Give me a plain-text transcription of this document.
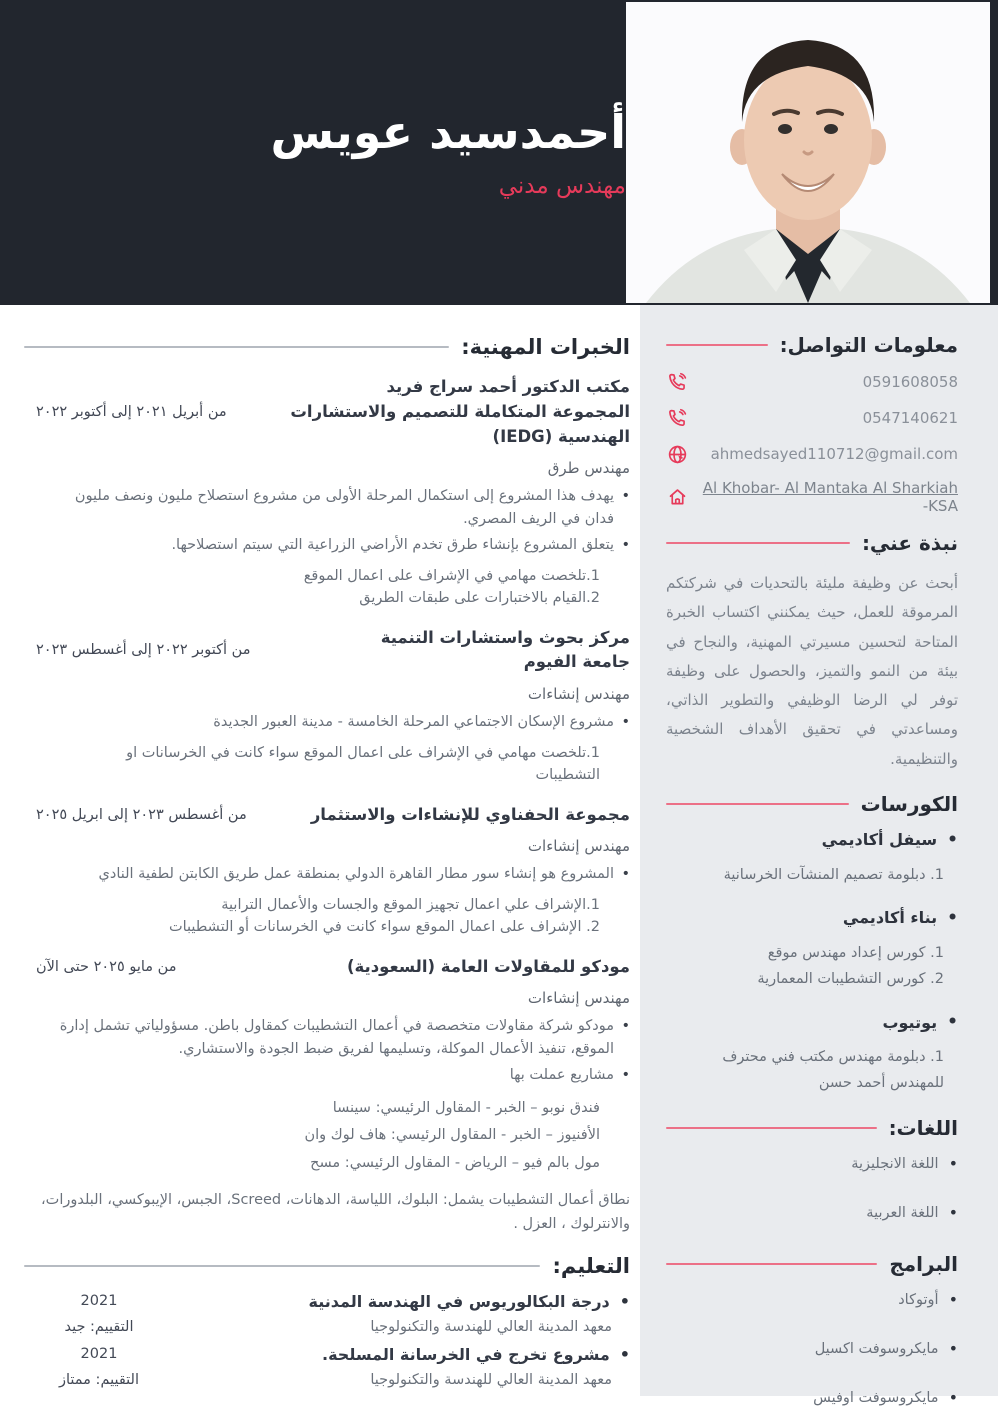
أحمدسيد عويس
مهندس مدني
معلومات التواصل:
0591608058
0547140621
ahmedsayed110712@gmail.com
Al Khobar- Al Mantaka Al Sharkiah -KSA
نبذة عني:

أبحث عن وظيفة مليئة بالتحديات في شركتكم المرموقة للعمل، حيث يمكنني اكتساب الخبرة المتاحة لتحسين مسيرتي المهنية، والنجاح في بيئة من النمو والتميز، والحصول على وظيفة توفر لي الرضا الوظيفي والتطوير الذاتي، ومساعدتي في تحقيق الأهداف الشخصية والتنظيمية.

الكورسات
• سيفل أكاديمي
1. دبلومة تصميم المنشآت الخرسانية
• بناء أكاديمي
1. كورس إعداد مهندس موقع
2. كورس التشطيبات المعمارية
• يوتيوب
1. دبلومة مهندس مكتب فني محترف للمهندس أحمد حسن
اللغات:
• اللغة الانجليزية
• اللغة العربية
البرامج
• أوتوكاد
• مايكروسوفت اكسيل
• مايكروسوفت اوفيس
الخبرات المهنية:
مكتب الدكتور أحمد سراج فريد
المجموعة المتكاملة للتصميم والاستشارات الهندسية (IEDG)
من أبريل ٢٠٢١ إلى أكتوبر ٢٠٢٢
مهندس طرق
• يهدف هذا المشروع إلى استكمال المرحلة الأولى من مشروع استصلاح مليون ونصف مليون فدان في الريف المصري.
• يتعلق المشروع بإنشاء طرق تخدم الأراضي الزراعية التي سيتم استصلاحها.
1.تلخصت مهامي في الإشراف على اعمال الموقع
2.القيام بالاختبارات على طبقات الطريق
مركز بحوث واستشارات التنمية
جامعة الفيوم
من أكتوبر ٢٠٢٢ إلى أغسطس ٢٠٢٣
مهندس إنشاءات
• مشروع الإسكان الاجتماعي المرحلة الخامسة - مدينة العبور الجديدة
1.تلخصت مهامي في الإشراف على اعمال الموقع سواء كانت في الخرسانات او التشطيبات
مجموعة الحفناوي للإنشاءات والاستثمار
من أغسطس ٢٠٢٣ إلى ابريل ٢٠٢٥
مهندس إنشاءات
• المشروع هو إنشاء سور مطار القاهرة الدولي بمنطقة عمل طريق الكابتن لطفية النادي
1.الإشراف علي اعمال تجهيز الموقع والجسات والأعمال الترابية
2. الإشراف على اعمال الموقع سواء كانت في الخرسانات أو التشطيبات
مودكو للمقاولات العامة (السعودية)
من مايو ٢٠٢٥ حتى الآن
مهندس إنشاءات
• مودكو شركة مقاولات متخصصة في أعمال التشطيبات كمقاول باطن. مسؤولياتي تشمل إدارة الموقع، تنفيذ الأعمال الموكلة، وتسليمها لفريق ضبط الجودة والاستشاري.
• مشاريع عملت بها
فندق نوبو – الخبر - المقاول الرئيسي: سينسا
الأفنيوز – الخبر - المقاول الرئيسي: هاف لوك وان
مول بالم فيو – الرياض - المقاول الرئيسي: مسح
نطاق أعمال التشطيبات يشمل: البلوك، اللياسة، الدهانات، Screed، الجبس، الإيبوكسي، البلدورات، والانترلوك ، العزل .
التعليم:
• درجة البكالوريوس في الهندسة المدنية
2021
معهد المدينة العالي للهندسة والتكنولوجيا
التقييم: جيد
• مشروع تخرج في الخرسانة المسلحة.
2021
معهد المدينة العالي للهندسة والتكنولوجيا
التقييم: ممتاز
